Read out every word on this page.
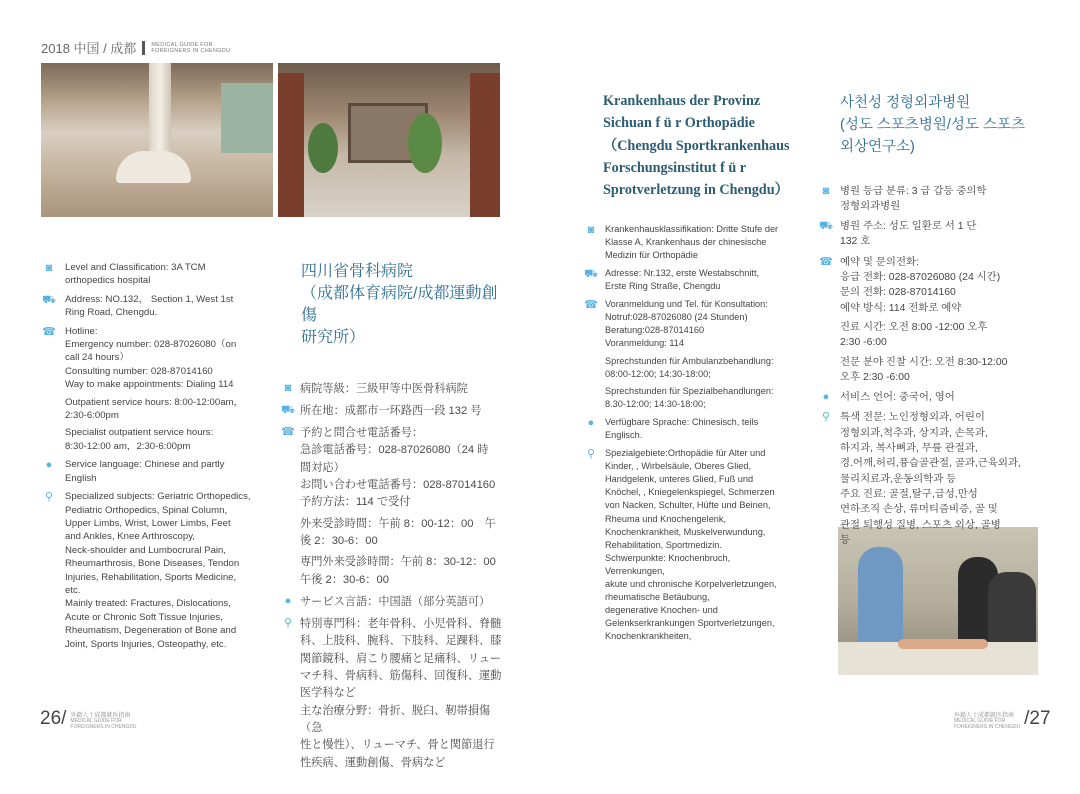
2018 中国 / 成都	MEDICAL GUIDE FOR
FOREIGNERS IN CHENGDU
◙	Level and Classification: 3A TCM
orthopedics hospital

⛟ Address: NO.132， Section 1, West 1st
Ring Road, Chengdu.

☎ Hotline:
Emergency number: 028-87026080（on
call 24 hours）
Consulting number: 028-87014160
Way to make appointments: Dialing 114

Outpatient service hours: 8:00-12:00am，
2:30-6:00pm

Specialist outpatient service hours:
8:30-12:00 am，2:30-6:00pm

●	Service language: Chinese and partly
English

⚲	Specialized subjects: Geriatric Orthopedics,
Pediatric Orthopedics, Spinal Column,
Upper Limbs, Wrist, Lower Limbs, Feet
and Ankles, Knee Arthroscopy,
Neck-shoulder and Lumbocrural Pain,
Rheumarthrosis, Bone Diseases, Tendon
Injuries, Rehabilitation, Sports Medicine,
etc.
Mainly treated: Fractures, Dislocations,
Acute or Chronic Soft Tissue Injuries,
Rheumatism, Degeneration of Bone and
Joint, Sports Injuries, Osteopathy, etc.

四川省骨科病院
（成都体育病院/成都運動創傷
研究所）

◙ 病院等級：三級甲等中医骨科病院

⛟ 所在地：成都市一环路西一段 132 号

☎ 予約と問合せ電話番号：
急診電話番号：028-87026080（24 時
間対応）
お問い合わせ電話番号：028-87014160
予約方法：114 で受付

外来受診時間：午前 8：00-12：00　午
後 2：30-6：00

専門外来受診時間：午前 8：30-12：00
午後 2：30-6：00

● サービス言語：中国語（部分英語可）

⚲ 特別専門科：老年骨科、小児骨科、脊髄
科、上肢科、腕科、下肢科、足踝科、膝
関節鏡科、肩こり腰痛と足痛科、リュー
マチ科、骨病科、筋傷科、回復科、運動
医学科など
主な治療分野：骨折、脱臼、靭帯損傷（急
性と慢性）、リューマチ、骨と関節退行
性疾病、運動創傷、骨病など

26/ 外籍人士成都就医指南
MEDICAL GUIDE FOR
FOREIGNERS IN CHENGDU

Krankenhaus der Provinz
Sichuan f ü r Orthopädie
（Chengdu Sportkrankenhaus
Forschungsinstitut f ü r
Sprotverletzung in Chengdu）

◙	Krankenhausklassifikation: Dritte Stufe der
Klasse A, Krankenhaus der chinesische
Medizin für Orthopädie

⛟ Adresse: Nr.132, erste Westabschnitt,
Erste Ring Straße, Chengdu

☎ Voranmeldung und Tel. für Konsultation:
Notruf:028-87026080 (24 Stunden)
Beratung:028-87014160
Voranmeldung: 114

Sprechstunden für Ambulanzbehandlung:
08:00-12:00; 14:30-18:00;

Sprechstunden für Spezialbehandlungen:
8.30-12:00; 14:30-18:00;

●	Verfügbare Sprache: Chinesisch, teils
Englisch.

⚲	Spezialgebiete:Orthopädie für Alter und
Kinder, , Wirbelsäule, Oberes Glied,
Handgelenk, unteres Glied, Fuß und
Knöchel, , Kniegelenkspiegel, Schmerzen
von Nacken, Schulter, Hüfte und Beinen,
Rheuma und Knochengelenk,
Knochenkrankheit, Muskelverwundung,
Rehabilitation, Sportmedizin.
Schwerpunkte: Knochenbruch,
Verrenkungen,
akute und chronische Korpelverletzungen,
rheumatische Betäubung,
degenerative Knochen- und
Gelenkserkrankungen Sportverletzungen,
Knochenkrankheiten,

사천성 정형외과병원
(성도 스포츠병원/성도 스포츠
외상연구소)

◙	병원 등급 분류: 3 급 갑등 중의학
정형외과병원

⛟ 병원 주소: 성도 일환로 서 1 단
132 호

☎ 예약 및 문의전화:
응급 전화: 028-87026080 (24 시간)
문의 전화: 028-87014160
예약 방식: 114 전화로 예약

진료 시간: 오전 8:00 -12:00 오후
2:30 -6:00

전문 분야 진찰 시간: 오전 8:30-12:00
오후 2:30 -6:00

●	서비스 언어: 중국어, 영어

⚲ 특색 전문: 노인정형외과, 어린이
정형외과,척추과, 상지과, 손목과,
하지과, 복사뼈과, 무릎 관절과,
경.어깨,허리,퓽습골관절, 골과,근육외과,
물리치료과,운동의학과 등
주요 진료: 골절,탈구,급성,만성
연하조직 손상, 류머티즘비증, 골 및
관절 퇴행성 질병, 스포츠 외상, 골병
등

外籍人士成都就医指南
MEDICAL GUIDE FOR
FOREIGNERS IN CHENGDU /27
